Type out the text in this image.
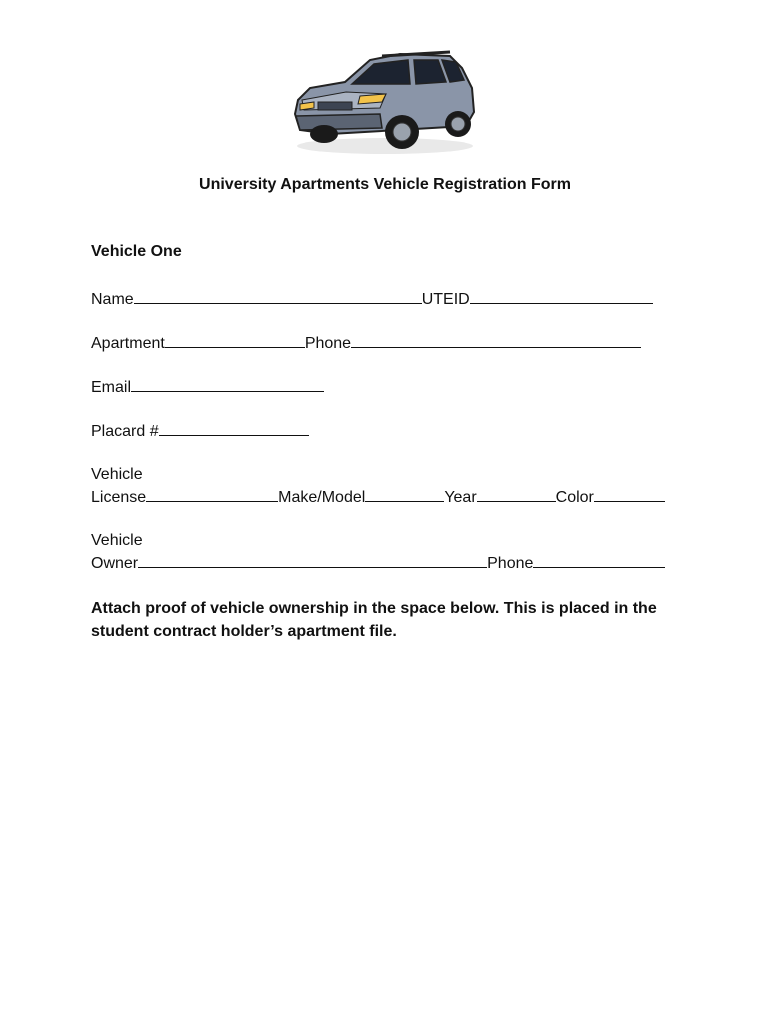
University Apartments Vehicle Registration Form
Vehicle One
Name	UTEID
Apartment	Phone
Email
Placard #
Vehicle
License	Make/Model	Year	Color
Vehicle
Owner	Phone
Attach proof of vehicle ownership in the space below. This is placed in the student contract holder’s apartment file.
